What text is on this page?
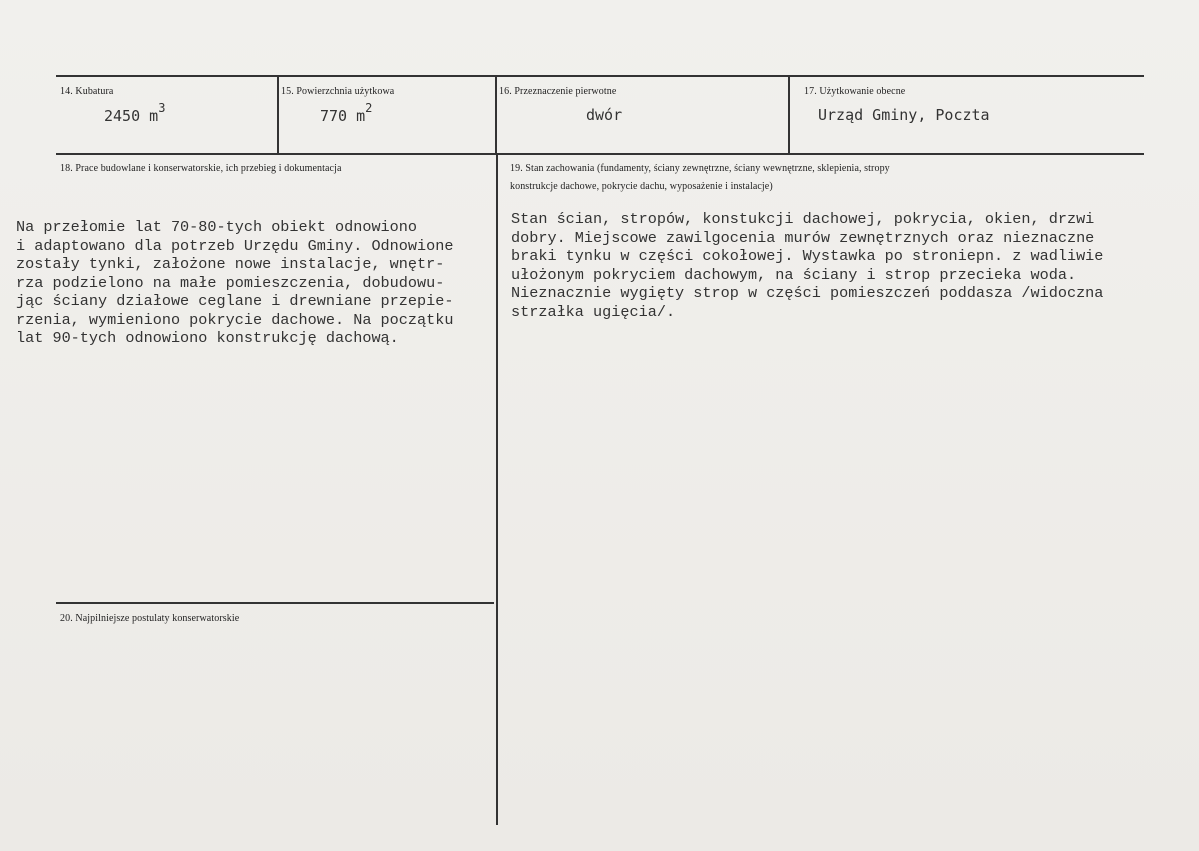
14. Kubatura
2450 $m^3$
15. Powierzchnia użytkowa
770 $m^2$
16. Przeznaczenie pierwotne
dwór
17. Użytkowanie obecne
Urząd Gminy, Poczta
18. Prace budowlane i konserwatorskie, ich przebieg i dokumentacja
Na przełomie lat 70-80-tych obiekt odnowiono
i adaptowano dla potrzeb Urzędu Gminy. Odnowione
zostały tynki, założone nowe instalacje, wnętr-
rza podzielono na małe pomieszczenia, dobudowu-
jąc ściany działowe ceglane i drewniane przepie-
rzenia, wymieniono pokrycie dachowe. Na początku
lat 90-tych odnowiono konstrukcję dachową.
19. Stan zachowania (fundamenty, ściany zewnętrzne, ściany wewnętrzne, sklepienia, stropy
konstrukcje dachowe, pokrycie dachu, wyposażenie i instalacje)
Stan ścian, stropów, konstukcji dachowej, pokrycia, okien, drzwi
dobry. Miejscowe zawilgocenia murów zewnętrznych oraz nieznaczne
braki tynku w części cokołowej. Wystawka po stroniepn. z wadliwie
ułożonym pokryciem dachowym, na ściany i strop przecieka woda.
Nieznacznie wygięty strop w części pomieszczeń poddasza /widoczna
strzałka ugięcia/.
20. Najpilniejsze postulaty konserwatorskie
